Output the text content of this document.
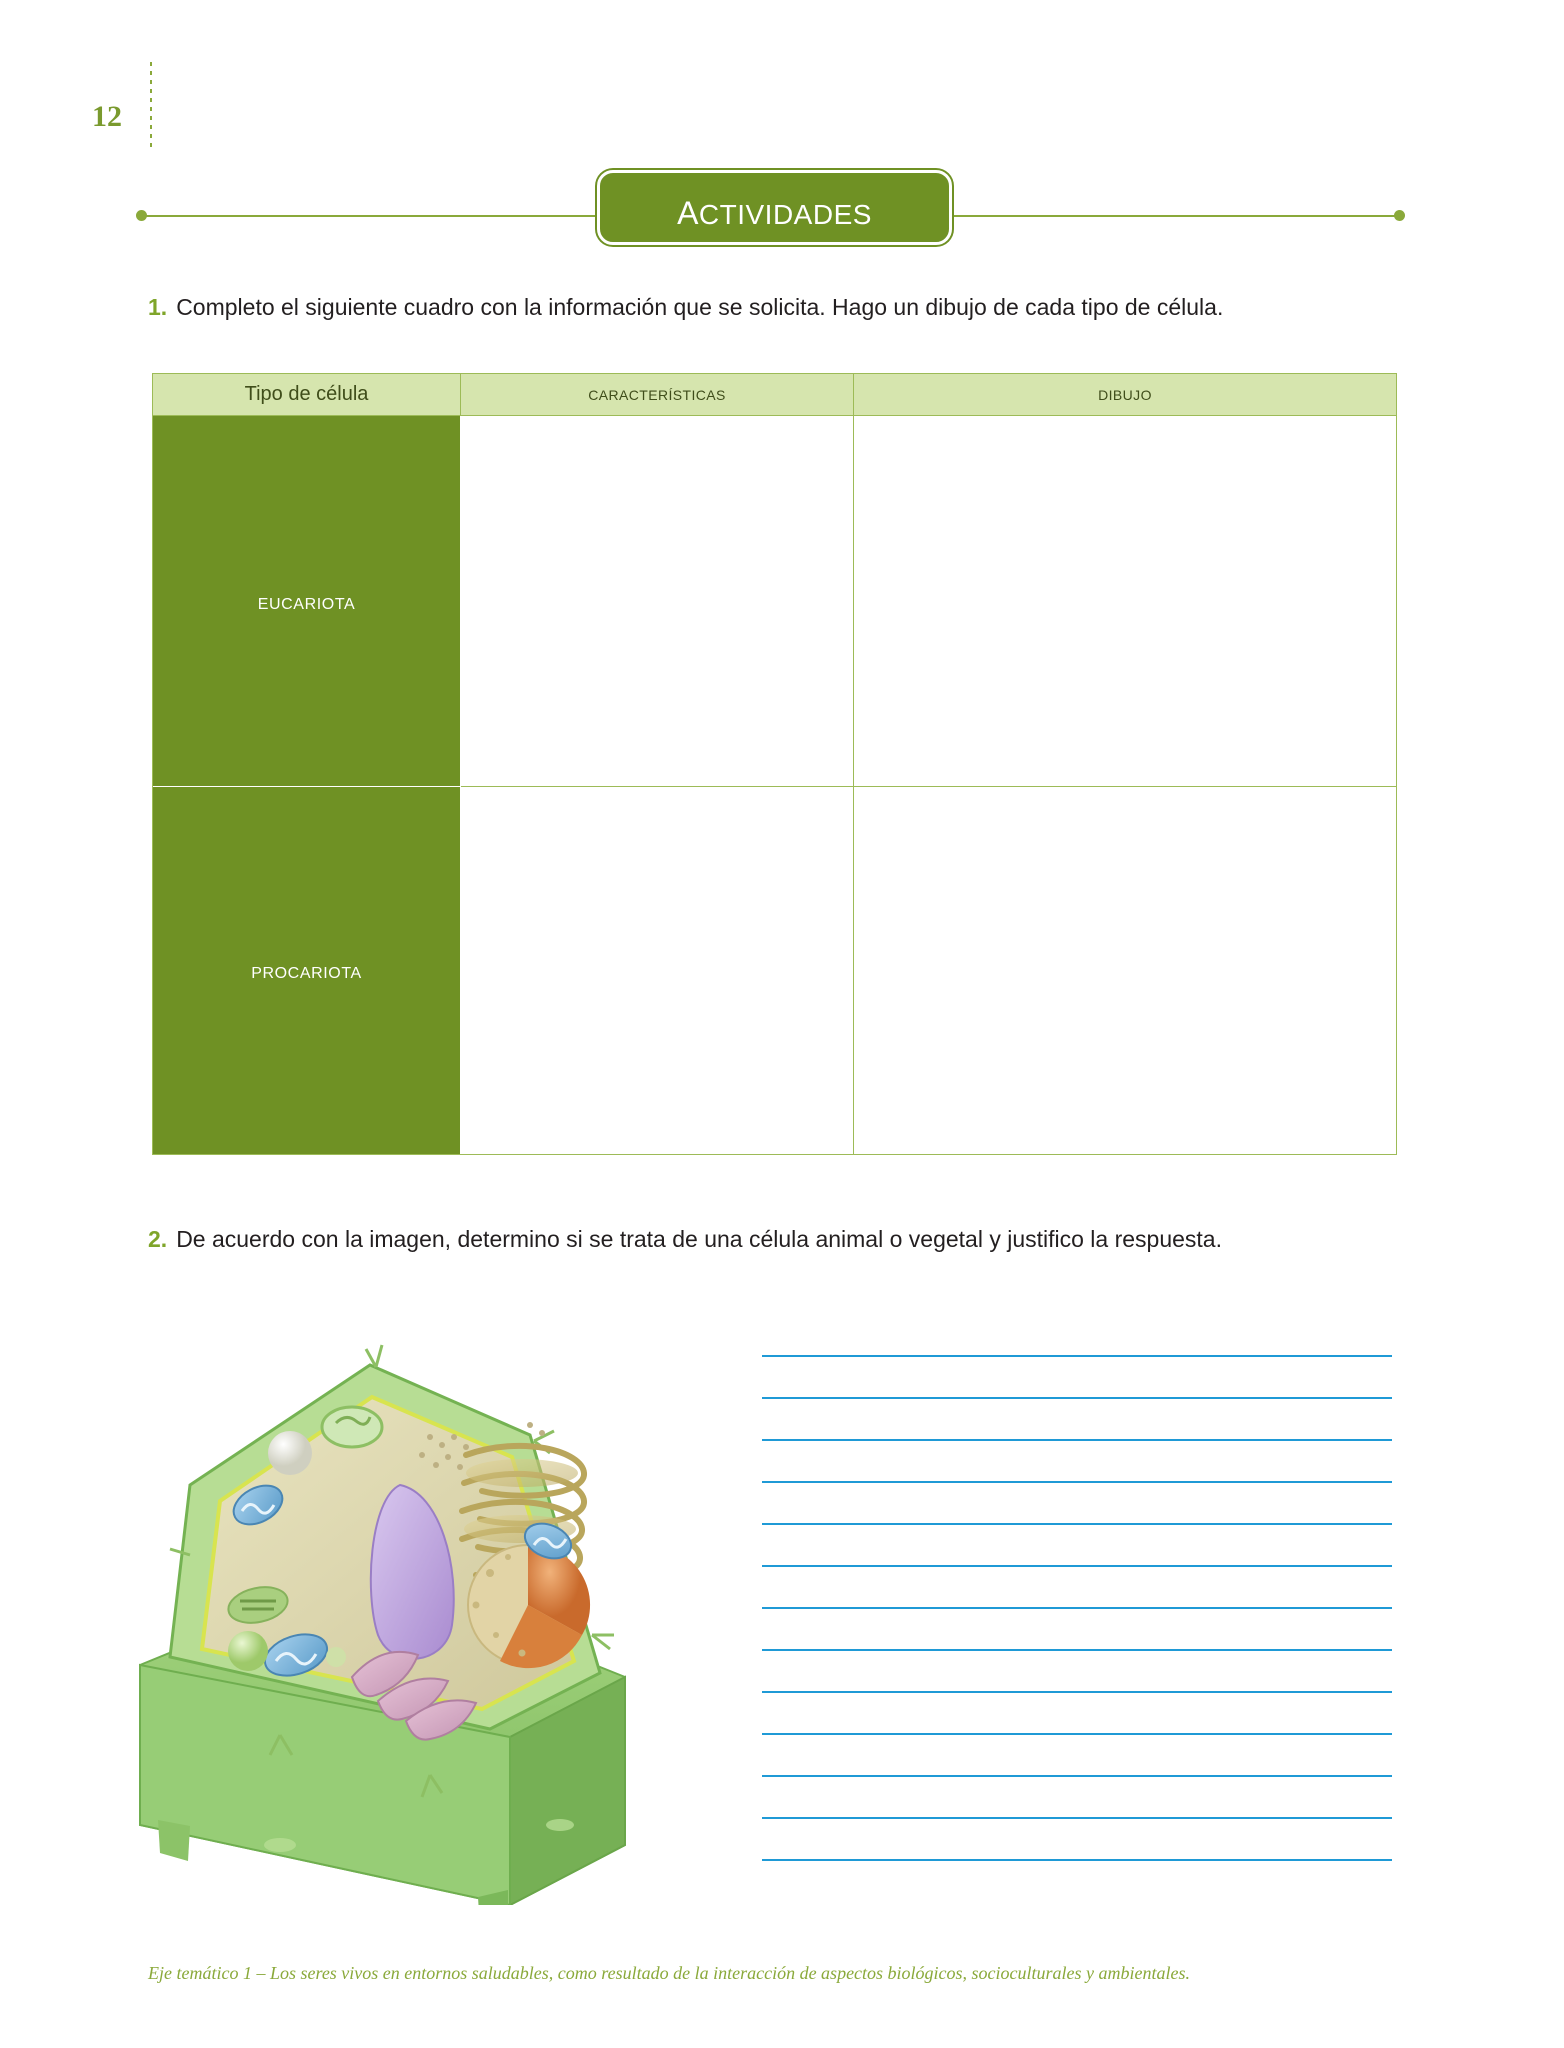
12
actividades
1. Completo el siguiente cuadro con la información que se solicita. Hago un dibujo de cada tipo de célula.
Tipo de célula	características	dibujo
eucariota
procariota
2. De acuerdo con la imagen, determino si se trata de una célula animal o vegetal y justifico la respuesta.
Eje temático 1 – Los seres vivos en entornos saludables, como resultado de la interacción de aspectos biológicos, socioculturales y ambientales.
